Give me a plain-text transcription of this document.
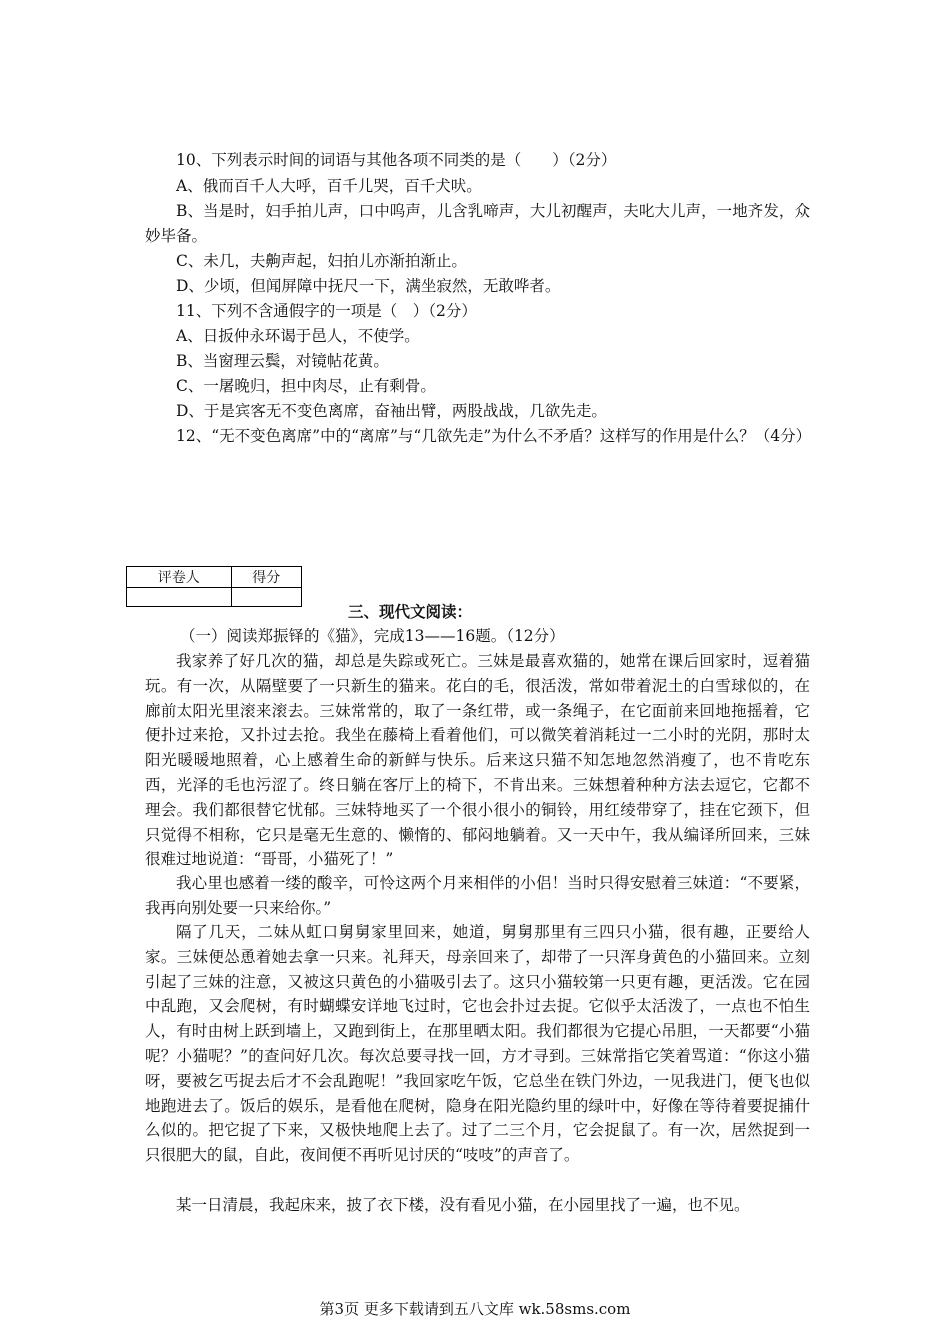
10、下列表示时间的词语与其他各项不同类的是（　　）（2分）
A、俄而百千人大呼，百千儿哭，百千犬吠。
B、当是时，妇手拍儿声，口中呜声，儿含乳啼声，大儿初醒声，夫叱大儿声，一地齐发，众妙毕备。
C、未几，夫齁声起，妇拍儿亦渐拍渐止。
D、少顷，但闻屏障中抚尺一下，满坐寂然，无敢哗者。
11、下列不含通假字的一项是（　）（2分）
A、日扳仲永环谒于邑人，不使学。
B、当窗理云鬓，对镜帖花黄。
C、一屠晚归，担中肉尽，止有剩骨。
D、于是宾客无不变色离席，奋袖出臂，两股战战，几欲先走。
12、“无不变色离席”中的“离席”与“几欲先走”为什么不矛盾？这样写的作用是什么？（4分）
评卷人	得分

三、现代文阅读：
（一）阅读郑振铎的《猫》，完成13——16题。（12分）
我家养了好几次的猫，却总是失踪或死亡。三妹是最喜欢猫的，她常在课后回家时，逗着猫玩。有一次，从隔壁要了一只新生的猫来。花白的毛，很活泼，常如带着泥土的白雪球似的，在廊前太阳光里滚来滚去。三妹常常的，取了一条红带，或一条绳子，在它面前来回地拖摇着，它便扑过来抢，又扑过去抢。我坐在藤椅上看着他们，可以微笑着消耗过一二小时的光阴，那时太阳光暖暖地照着，心上感着生命的新鲜与快乐。后来这只猫不知怎地忽然消瘦了，也不肯吃东西，光泽的毛也污涩了。终日躺在客厅上的椅下，不肯出来。三妹想着种种方法去逗它，它都不理会。我们都很替它忧郁。三妹特地买了一个很小很小的铜铃，用红绫带穿了，挂在它颈下，但只觉得不相称，它只是毫无生意的、懒惰的、郁闷地躺着。又一天中午，我从编译所回来，三妹很难过地说道：“哥哥，小猫死了！”
我心里也感着一缕的酸辛，可怜这两个月来相伴的小侣！当时只得安慰着三妹道：“不要紧，我再向别处要一只来给你。”
隔了几天，二妹从虹口舅舅家里回来，她道，舅舅那里有三四只小猫，很有趣，正要给人家。三妹便怂恿着她去拿一只来。礼拜天，母亲回来了，却带了一只浑身黄色的小猫回来。立刻引起了三妹的注意，又被这只黄色的小猫吸引去了。这只小猫较第一只更有趣，更活泼。它在园中乱跑，又会爬树，有时蝴蝶安详地飞过时，它也会扑过去捉。它似乎太活泼了，一点也不怕生人，有时由树上跃到墙上，又跑到街上，在那里晒太阳。我们都很为它提心吊胆，一天都要“小猫呢？小猫呢？”的查问好几次。每次总要寻找一回，方才寻到。三妹常指它笑着骂道：“你这小猫呀，要被乞丐捉去后才不会乱跑呢！”我回家吃午饭，它总坐在铁门外边，一见我进门，便飞也似地跑进去了。饭后的娱乐，是看他在爬树，隐身在阳光隐约里的绿叶中，好像在等待着要捉捕什么似的。把它捉了下来，又极快地爬上去了。过了二三个月，它会捉鼠了。有一次，居然捉到一只很肥大的鼠，自此，夜间便不再听见讨厌的“吱吱”的声音了。
某一日清晨，我起床来，披了衣下楼，没有看见小猫，在小园里找了一遍，也不见。
第3页 更多下载请到五八文库 wk.58sms.com
